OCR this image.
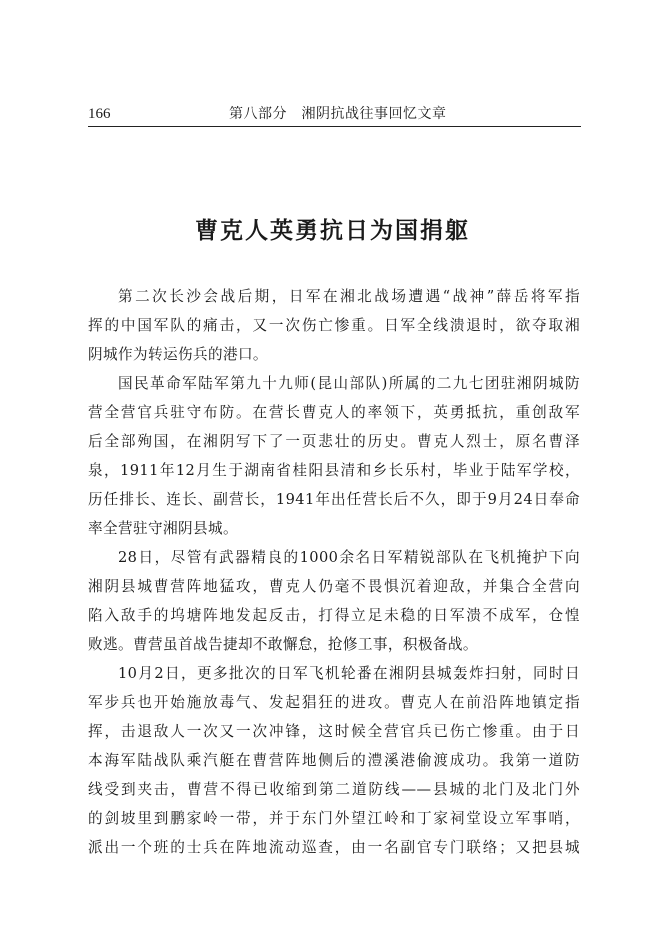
166	第八部分　湘阴抗战往事回忆文章
曹克人英勇抗日为国捐躯

第二次长沙会战后期，日军在湘北战场遭遇“战神”薛岳将军指
挥的中国军队的痛击，又一次伤亡惨重。日军全线溃退时，欲夺取湘
阴城作为转运伤兵的港口。

国民革命军陆军第九十九师(昆山部队)所属的二九七团驻湘阴城防
营全营官兵驻守布防。在营长曹克人的率领下，英勇抵抗，重创敌军
后全部殉国，在湘阴写下了一页悲壮的历史。曹克人烈士，原名曹泽
泉，1911年12月生于湖南省桂阳县清和乡长乐村，毕业于陆军学校，
历任排长、连长、副营长，1941年出任营长后不久，即于9月24日奉命
率全营驻守湘阴县城。

28日，尽管有武器精良的1000余名日军精锐部队在飞机掩护下向
湘阴县城曹营阵地猛攻，曹克人仍毫不畏惧沉着迎敌，并集合全营向
陷入敌手的坞塘阵地发起反击，打得立足未稳的日军溃不成军，仓惶
败逃。曹营虽首战告捷却不敢懈怠，抢修工事，积极备战。

10月2日，更多批次的日军飞机轮番在湘阴县城轰炸扫射，同时日
军步兵也开始施放毒气、发起猖狂的进攻。曹克人在前沿阵地镇定指
挥，击退敌人一次又一次冲锋，这时候全营官兵已伤亡惨重。由于日
本海军陆战队乘汽艇在曹营阵地侧后的澧溪港偷渡成功。我第一道防
线受到夹击，曹营不得已收缩到第二道防线——县城的北门及北门外
的剑坡里到鹏家岭一带，并于东门外望江岭和丁家祠堂设立军事哨，
派出一个班的士兵在阵地流动巡查，由一名副官专门联络；又把县城
